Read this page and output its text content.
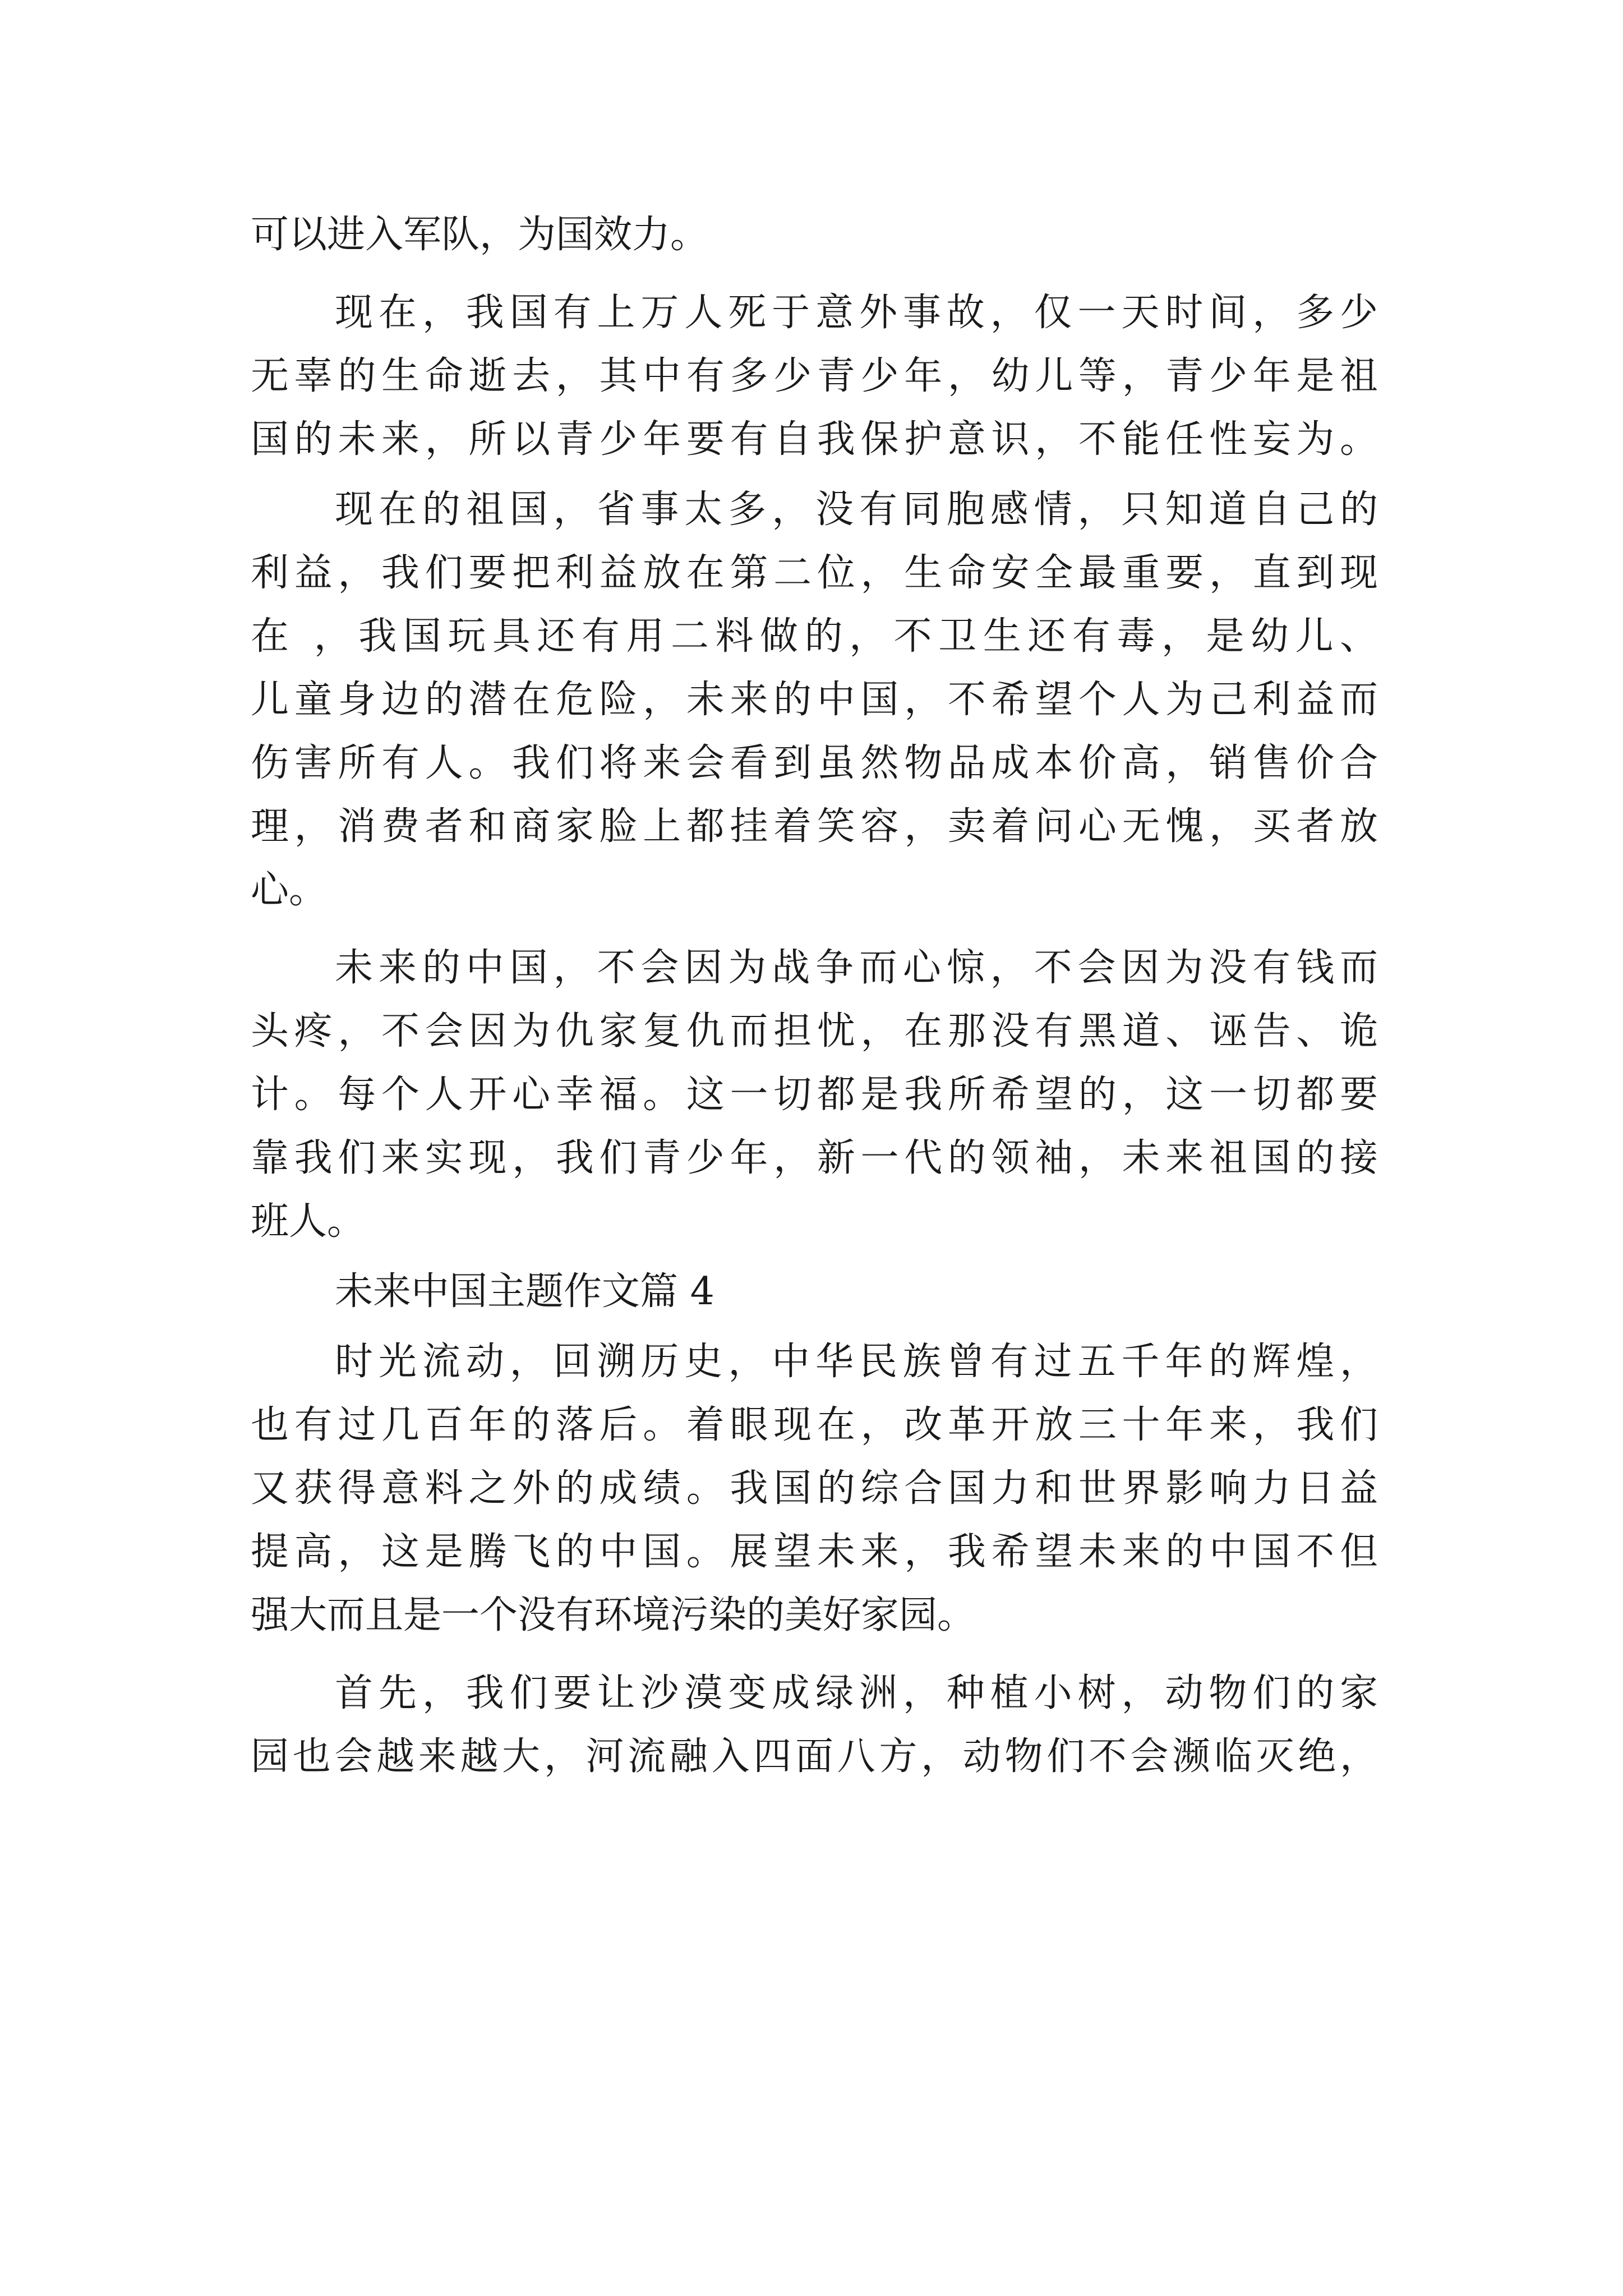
可以进入军队，为国效力。
现在，我国有上万人死于意外事故，仅一天时间，多少
无辜的生命逝去，其中有多少青少年，幼儿等，青少年是祖
国的未来，所以青少年要有自我保护意识，不能任性妄为。
现在的祖国，省事太多，没有同胞感情，只知道自己的
利益，我们要把利益放在第二位，生命安全最重要，直到现
在 ，我国玩具还有用二料做的，不卫生还有毒，是幼儿、
儿童身边的潜在危险，未来的中国，不希望个人为己利益而
伤害所有人。我们将来会看到虽然物品成本价高，销售价合
理，消费者和商家脸上都挂着笑容，卖着问心无愧，买者放
心。
未来的中国，不会因为战争而心惊，不会因为没有钱而
头疼，不会因为仇家复仇而担忧，在那没有黑道、诬告、诡
计。每个人开心幸福。这一切都是我所希望的，这一切都要
靠我们来实现，我们青少年，新一代的领袖，未来祖国的接
班人。
未来中国主题作文篇 4
时光流动，回溯历史，中华民族曾有过五千年的辉煌，
也有过几百年的落后。着眼现在，改革开放三十年来，我们
又获得意料之外的成绩。我国的综合国力和世界影响力日益
提高，这是腾飞的中国。展望未来，我希望未来的中国不但
强大而且是一个没有环境污染的美好家园。
首先，我们要让沙漠变成绿洲，种植小树，动物们的家
园也会越来越大，河流融入四面八方，动物们不会濒临灭绝，
